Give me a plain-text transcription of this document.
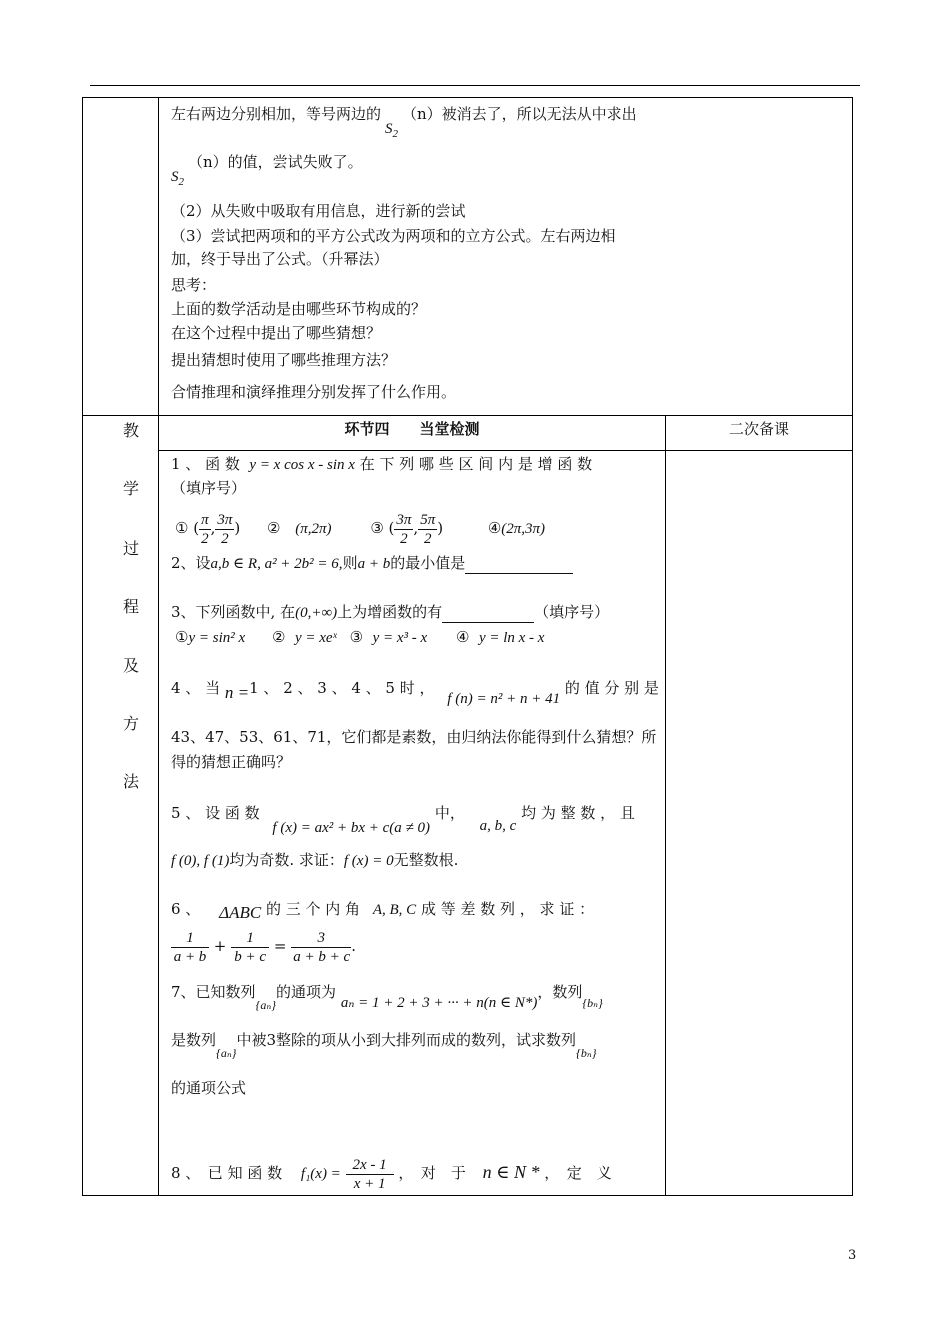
左右两边分别相加，等号两边的$S_2(n)$被消去了，所以无法从中求出
$S_2(n)$的值，尝试失败了。
（2）从失败中吸取有用信息，进行新的尝试
（3）尝试把两项和的平方公式改为两项和的立方公式。左右两边相
加，终于导出了公式。（升幂法）
思考：
上面的数学活动是由哪些环节构成的？
在这个过程中提出了哪些猜想？
提出猜想时使用了哪些推理方法？
合情推理和演绎推理分别发挥了什么作用。
环节四　　当堂检测	二次备课
教
学
过
程
及
方
法
1 、 函 数 y = x cos x - sin x 在 下 列 哪 些 区 间 内 是 增 函 数
（填序号）
① ( $\frac{\pi}{2}$ , $\frac{3\pi}{2}$ ) ② (π,2π)	③ ( $\frac{3\pi}{2}$ , $\frac{5\pi}{2}$ )	④(2π,3π)
2、设a,b ∈ R, a² + 2b² = 6,则a + b的最小值是
3、下列函数中, 在(0,+∞)上为增函数的有	（填序号）
①y = sin² x ② y = xeˣ ③ y = x³ - x ④ y = ln x - x
4 、 当 n =1 、 2 、 3 、 4 、 5 时 ， f (n) = n² + n + 41 的 值 分 别 是
43、47、53、61、71，它们都是素数，由归纳法你能得到什么猜想？所
得的猜想正确吗？
5 、 设 函 数 f (x) = ax² + bx + c(a ≠ 0) 中， a, b, c 均 为 整 数 ， 且
f (0), f (1)均为奇数. 求证：f (x) = 0无整数根.
6 、 ΔABC 的 三 个 内 角 A, B, C 成 等 差 数 列 ， 求 证 ：
$\frac{1}{a + b} + \frac{1}{b + c} = \frac{3}{a + b + c}$ .
7、已知数列$_{\{a_n\}}$的通项为 aₙ = 1 + 2 + 3 + ··· + n(n ∈ N*)，数列$_{\{b_n\}}$
是数列$_{\{a_n\}}$中被3整除的项从小到大排列而成的数列，试求数列$_{\{b_n\}}$
的通项公式
8 、　已 知 函 数 $f_1(x) = \frac{2x - 1}{x + 1}$ ，　对　于 n ∈ N * ，　定　义
3
